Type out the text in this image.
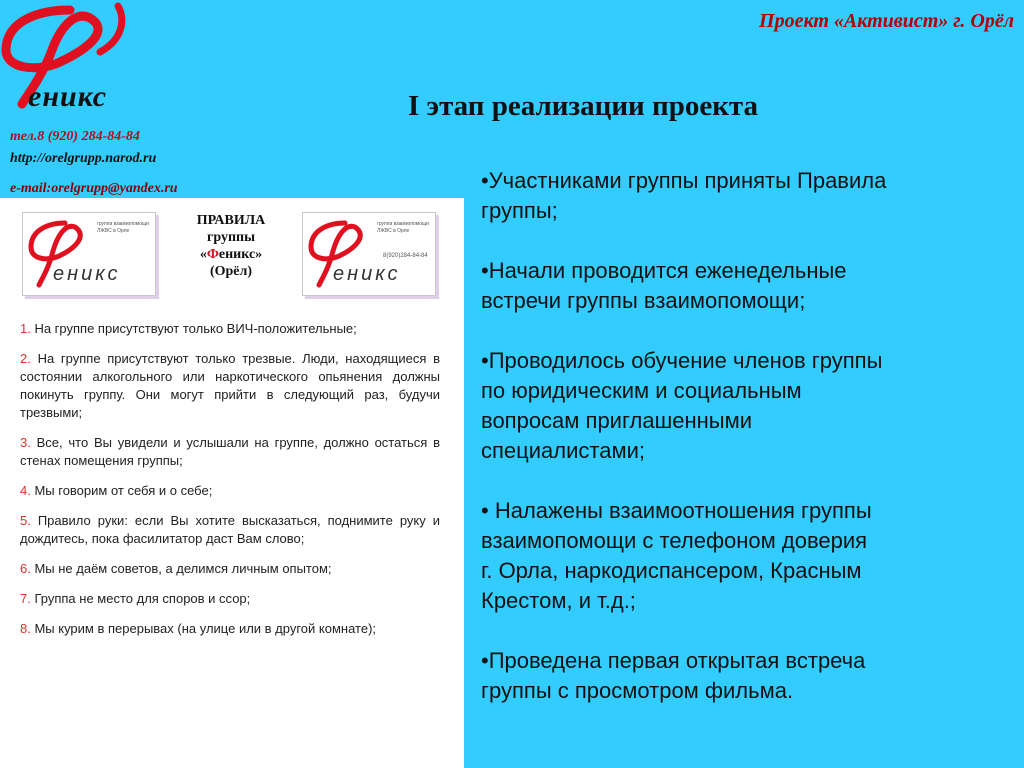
еникс
тел.8 (920) 284-84-84
http://orelgrupp.narod.ru
e-mail:orelgrupp@yandex.ru
Проект «Активист» г. Орёл
I этап реализации проекта
группа взаимопомощи ЛЖВС в Орле
еникс
ПРАВИЛА
группы
«Феникс»
(Орёл)
группа взаимопомощи ЛЖВС в Орле
8(920)284-84-84
еникс

1. На группе присутствуют только ВИЧ-положительные;

2. На группе присутствуют только трезвые. Люди, находящиеся в состоянии алкогольного или наркотического опьянения должны покинуть группу. Они могут прийти в следующий раз, будучи трезвыми;

3. Все, что Вы увидели и услышали на группе, должно остаться в стенах помещения группы;

4. Мы говорим от себя и о себе;

5. Правило руки: если Вы хотите высказаться, поднимите руку и дождитесь, пока фасилитатор даст Вам слово;

6. Мы не даём советов, а делимся личным опытом;

7. Группа не место для споров и ссор;

8. Мы курим в перерывах (на улице или в другой комнате);

•Участниками группы приняты Правила
группы;

•Начали проводится еженедельные
встречи группы взаимопомощи;

•Проводилось обучение членов группы
по юридическим и социальным
вопросам приглашенными
специалистами;

• Налажены взаимоотношения группы
взаимопомощи с телефоном доверия
г. Орла, наркодиспансером, Красным
Крестом, и т.д.;

•Проведена первая открытая встреча
группы с просмотром фильма.
